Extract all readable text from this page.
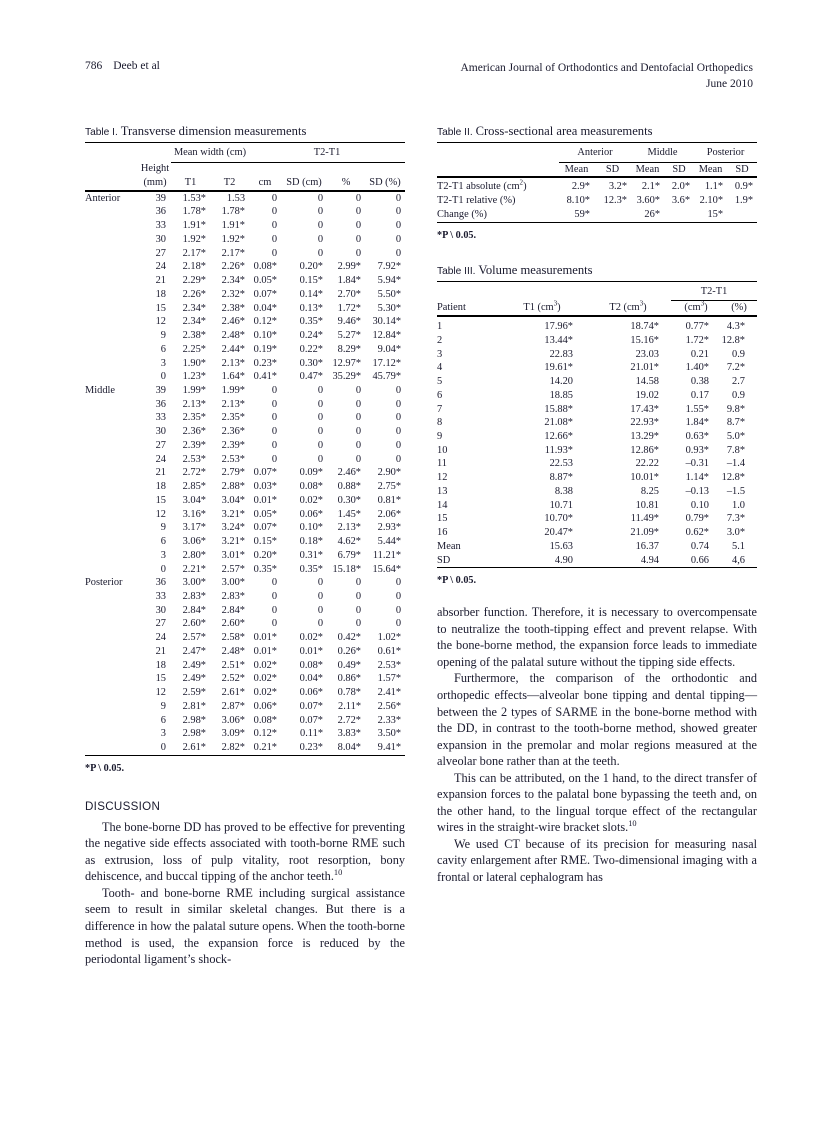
786 Deeb et al	American Journal of Orthodontics and Dentofacial Orthopedics
June 2010
Table I. Transverse dimension measurements
		Mean width (cm)		T2-T1			
	Height						
	(mm)	T1	T2	cm	SD (cm)	%	SD (%)
Anterior	39	1.53*	1.53	0	0	0	0
	36	1.78*	1.78*	0	0	0	0
	33	1.91*	1.91*	0	0	0	0
	30	1.92*	1.92*	0	0	0	0
	27	2.17*	2.17*	0	0	0	0
	24	2.18*	2.26*	0.08*	0.20*	2.99*	7.92*
	21	2.29*	2.34*	0.05*	0.15*	1.84*	5.94*
	18	2.26*	2.32*	0.07*	0.14*	2.70*	5.50*
	15	2.34*	2.38*	0.04*	0.13*	1.72*	5.30*
	12	2.34*	2.46*	0.12*	0.35*	9.46*	30.14*
	9	2.38*	2.48*	0.10*	0.24*	5.27*	12.84*
	6	2.25*	2.44*	0.19*	0.22*	8.29*	9.04*
	3	1.90*	2.13*	0.23*	0.30*	12.97*	17.12*
	0	1.23*	1.64*	0.41*	0.47*	35.29*	45.79*
Middle	39	1.99*	1.99*	0	0	0	0
	36	2.13*	2.13*	0	0	0	0
	33	2.35*	2.35*	0	0	0	0
	30	2.36*	2.36*	0	0	0	0
	27	2.39*	2.39*	0	0	0	0
	24	2.53*	2.53*	0	0	0	0
	21	2.72*	2.79*	0.07*	0.09*	2.46*	2.90*
	18	2.85*	2.88*	0.03*	0.08*	0.88*	2.75*
	15	3.04*	3.04*	0.01*	0.02*	0.30*	0.81*
	12	3.16*	3.21*	0.05*	0.06*	1.45*	2.06*
	9	3.17*	3.24*	0.07*	0.10*	2.13*	2.93*
	6	3.06*	3.21*	0.15*	0.18*	4.62*	5.44*
	3	2.80*	3.01*	0.20*	0.31*	6.79*	11.21*
	0	2.21*	2.57*	0.35*	0.35*	15.18*	15.64*
Posterior	36	3.00*	3.00*	0	0	0	0
	33	2.83*	2.83*	0	0	0	0
	30	2.84*	2.84*	0	0	0	0
	27	2.60*	2.60*	0	0	0	0
	24	2.57*	2.58*	0.01*	0.02*	0.42*	1.02*
	21	2.47*	2.48*	0.01*	0.01*	0.26*	0.61*
	18	2.49*	2.51*	0.02*	0.08*	0.49*	2.53*
	15	2.49*	2.52*	0.02*	0.04*	0.86*	1.57*
	12	2.59*	2.61*	0.02*	0.06*	0.78*	2.41*
	9	2.81*	2.87*	0.06*	0.07*	2.11*	2.56*
	6	2.98*	3.06*	0.08*	0.07*	2.72*	2.33*
	3	2.98*	3.09*	0.12*	0.11*	3.83*	3.50*
	0	2.61*	2.82*	0.21*	0.23*	8.04*	9.41*
*P \ 0.05.
DISCUSSION

The bone-borne DD has proved to be effective for preventing the negative side effects associated with tooth-borne RME such as extrusion, loss of pulp vitality, root resorption, bony dehiscence, and buccal tipping of the anchor teeth.$^{10}$

Tooth- and bone-borne RME including surgical assistance seem to result in similar skeletal changes. But there is a difference in how the palatal suture opens. When the tooth-borne method is used, the expansion force is reduced by the periodontal ligament’s shock-

Table II. Cross-sectional area measurements
	Anterior		Middle		Posterior	

	Mean	SD	Mean	SD	Mean	SD
T2-T1 absolute $(cm^2)$	2.9*	3.2*	2.1*	2.0*	1.1*	0.9*
T2-T1 relative (%)	8.10*	12.3*	3.60*	3.6*	2.10*	1.9*
Change (%)	59*		26*		15*	
*P \ 0.05.
Table III. Volume measurements
			T2-T1	

Patient	T1 $(cm^3)$	T2 $(cm^3)$	$(cm^3)$	(%)
1	17.96*	18.74*	0.77*	4.3*
2	13.44*	15.16*	1.72*	12.8*
3	22.83	23.03	0.21	0.9
4	19.61*	21.01*	1.40*	7.2*
5	14.20	14.58	0.38	2.7
6	18.85	19.02	0.17	0.9
7	15.88*	17.43*	1.55*	9.8*
8	21.08*	22.93*	1.84*	8.7*
9	12.66*	13.29*	0.63*	5.0*
10	11.93*	12.86*	0.93*	7.8*
11	22.53	22.22	–0.31	–1.4
12	8.87*	10.01*	1.14*	12.8*
13	8.38	8.25	–0.13	–1.5
14	10.71	10.81	0.10	1.0
15	10.70*	11.49*	0.79*	7.3*
16	20.47*	21.09*	0.62*	3.0*
Mean	15.63	16.37	0.74	5.1
SD	4.90	4.94	0.66	4,6
*P \ 0.05.

absorber function. Therefore, it is necessary to overcompensate to neutralize the tooth-tipping effect and prevent relapse. With the bone-borne method, the expansion force leads to immediate opening of the palatal suture without the tipping side effects.

Furthermore, the comparison of the orthodontic and orthopedic effects—alveolar bone tipping and dental tipping—between the 2 types of SARME in the bone-borne method with the DD, in contrast to the tooth-borne method, showed greater expansion in the premolar and molar regions measured at the alveolar bone rather than at the teeth.

This can be attributed, on the 1 hand, to the direct transfer of expansion forces to the palatal bone bypassing the teeth and, on the other hand, to the lingual torque effect of the rectangular wires in the straight-wire bracket slots.$^{10}$

We used CT because of its precision for measuring nasal cavity enlargement after RME. Two-dimensional imaging with a frontal or lateral cephalogram has
